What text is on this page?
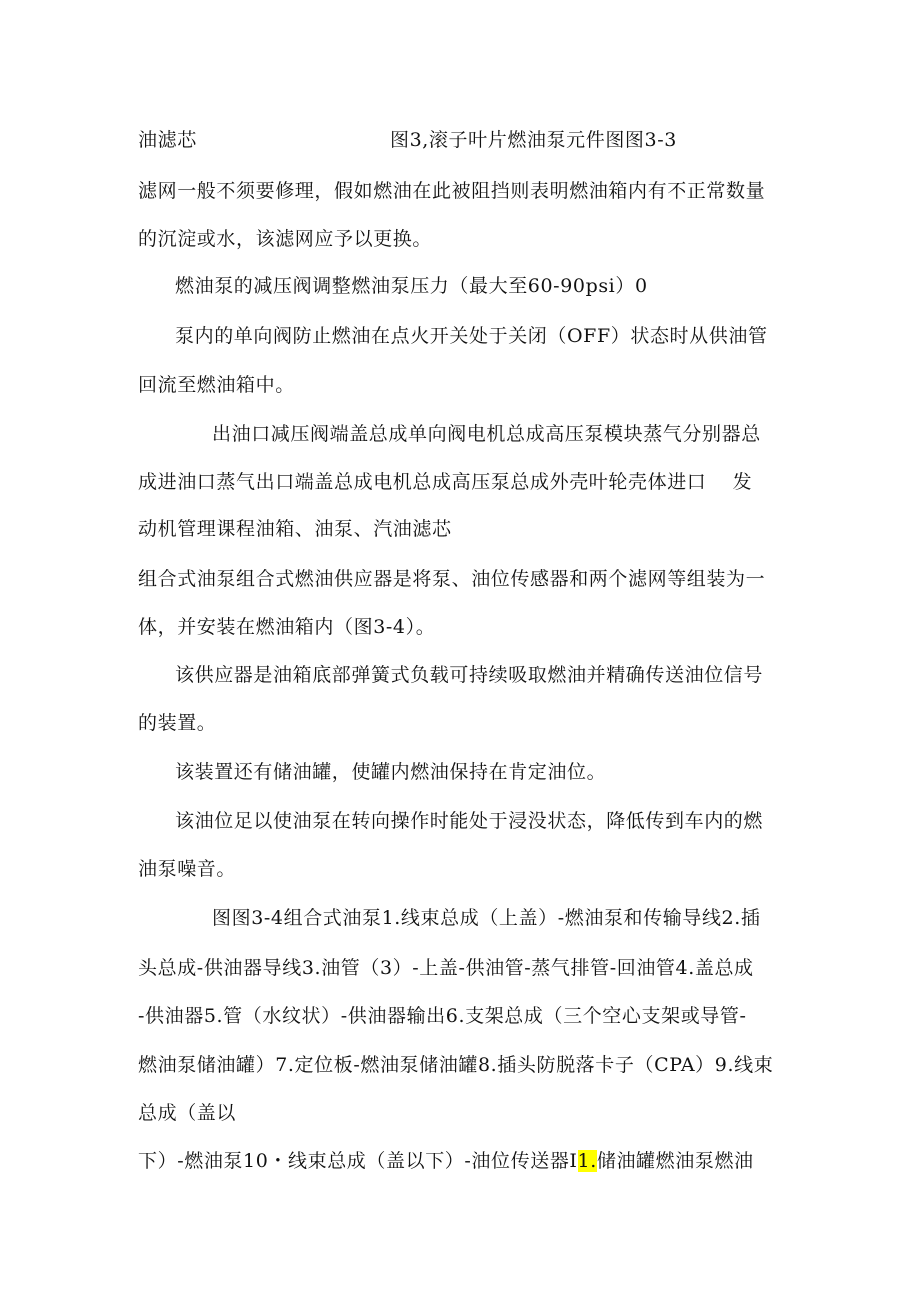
油滤芯	图3,滚子叶片燃油泵元件图图3-3
滤网一般不须要修理，假如燃油在此被阻挡则表明燃油箱内有不正常数量
的沉淀或水，该滤网应予以更换。
燃油泵的减压阀调整燃油泵压力（最大至60-90psi）0
泵内的单向阀防止燃油在点火开关处于关闭（OFF）状态时从供油管
回流至燃油箱中。
出油口减压阀端盖总成单向阀电机总成高压泵模块蒸气分别器总
成进油口蒸气出口端盖总成电机总成高压泵总成外壳叶轮壳体进口　 发
动机管理课程油箱、油泵、汽油滤芯
组合式油泵组合式燃油供应器是将泵、油位传感器和两个滤网等组装为一
体，并安装在燃油箱内（图3-4）。
该供应器是油箱底部弹簧式负载可持续吸取燃油并精确传送油位信号
的装置。
该装置还有储油罐，使罐内燃油保持在肯定油位。
该油位足以使油泵在转向操作时能处于浸没状态，降低传到车内的燃
油泵噪音。
图图3-4组合式油泵1.线束总成（上盖）-燃油泵和传输导线2.插
头总成-供油器导线3.油管（3）-上盖-供油管-蒸气排管-回油管4.盖总成
-供油器5.管（水纹状）-供油器输出6.支架总成（三个空心支架或导管-
燃油泵储油罐）7.定位板-燃油泵储油罐8.插头防脱落卡子（CPA）9.线束
总成（盖以
下）-燃油泵10・线束总成（盖以下）-油位传送器I1.储油罐燃油泵燃油
